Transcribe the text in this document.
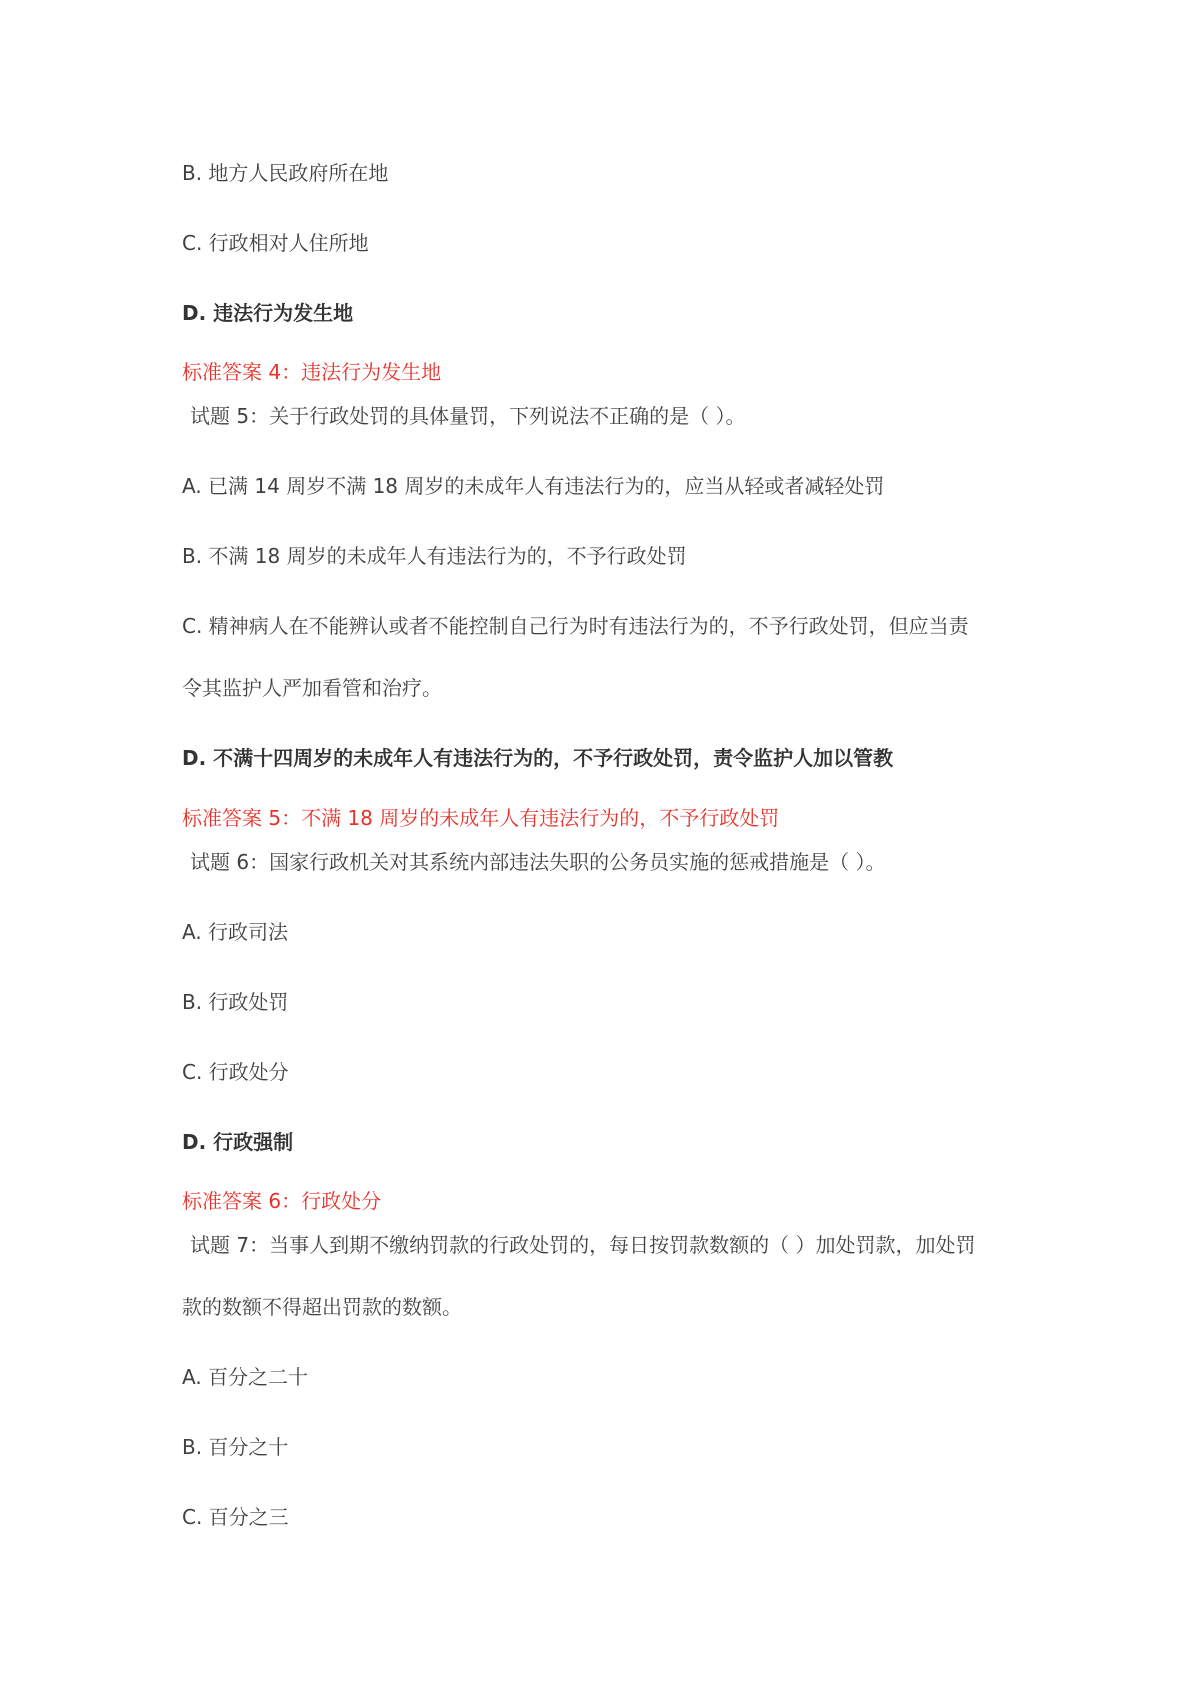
B. 地方人民政府所在地
C. 行政相对人住所地
D. 违法行为发生地
标准答案 4：违法行为发生地
试题 5：关于行政处罚的具体量罚，下列说法不正确的是（ ）。
A. 已满 14 周岁不满 18 周岁的未成年人有违法行为的，应当从轻或者减轻处罚
B. 不满 18 周岁的未成年人有违法行为的，不予行政处罚
C. 精神病人在不能辨认或者不能控制自己行为时有违法行为的，不予行政处罚，但应当责
令其监护人严加看管和治疗。
D. 不满十四周岁的未成年人有违法行为的，不予行政处罚，责令监护人加以管教
标准答案 5：不满 18 周岁的未成年人有违法行为的，不予行政处罚
试题 6：国家行政机关对其系统内部违法失职的公务员实施的惩戒措施是（ ）。
A. 行政司法
B. 行政处罚
C. 行政处分
D. 行政强制
标准答案 6：行政处分
试题 7：当事人到期不缴纳罚款的行政处罚的，每日按罚款数额的（ ）加处罚款，加处罚
款的数额不得超出罚款的数额。
A. 百分之二十
B. 百分之十
C. 百分之三
